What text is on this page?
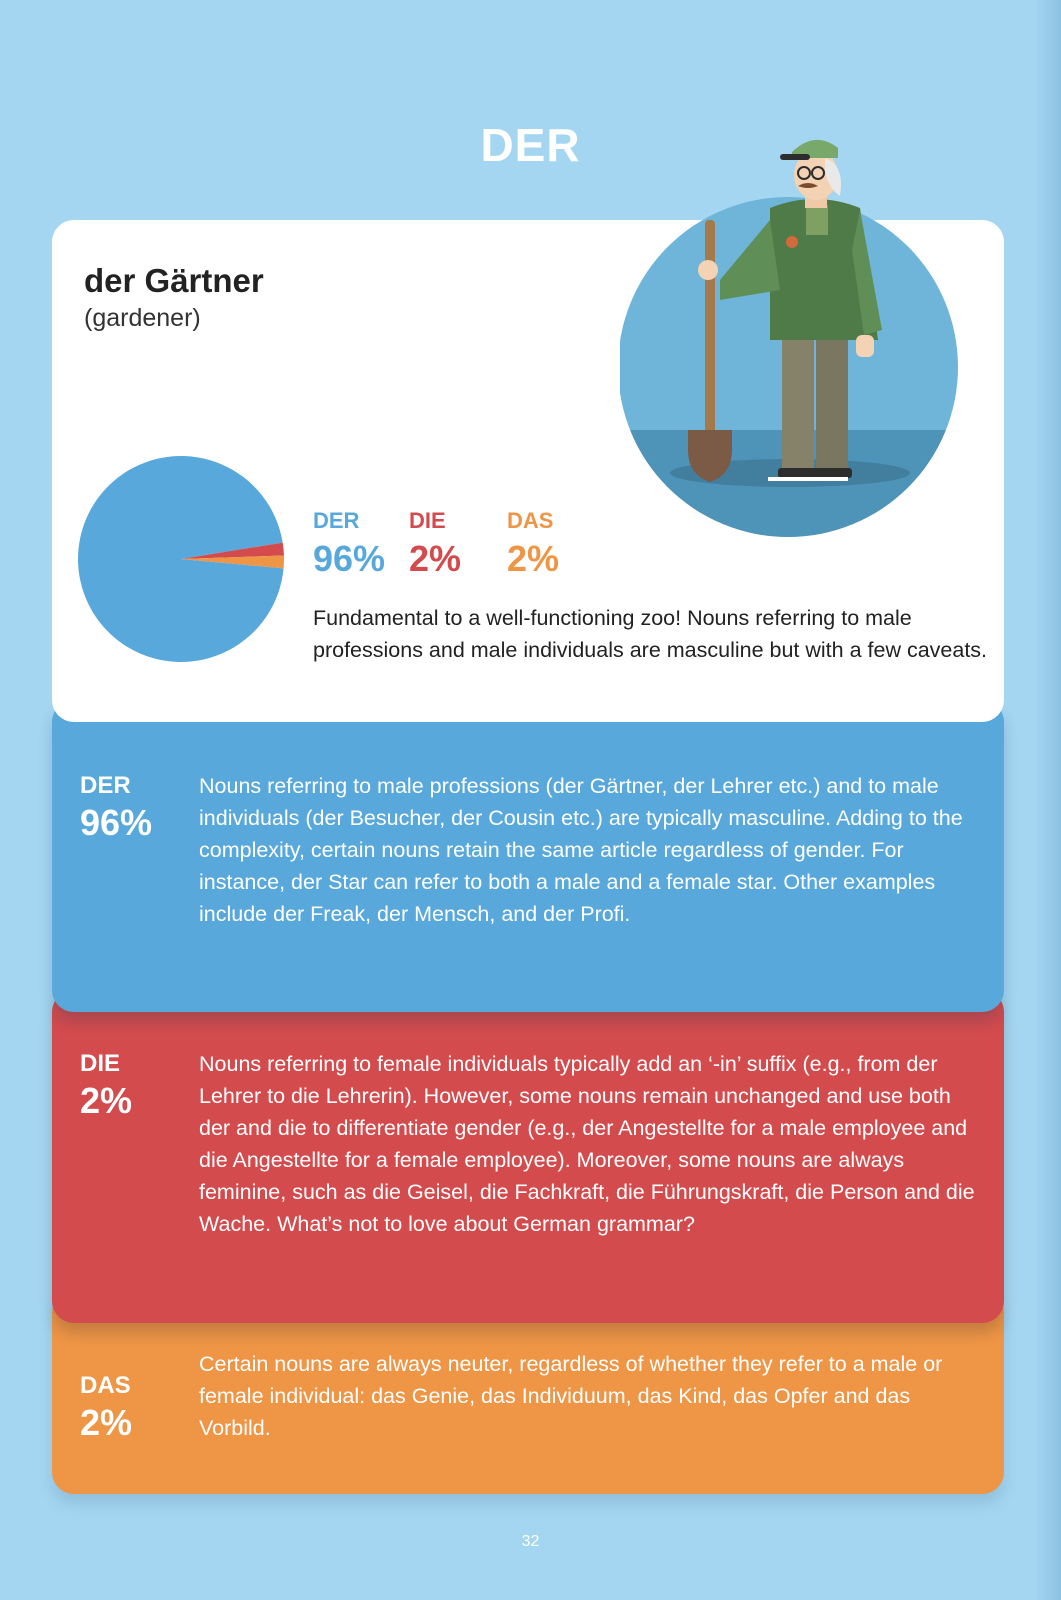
DER
DAS
2%
Certain nouns are always neuter, regardless of whether they refer to a male or female individual: das Genie, das Individuum, das Kind, das Opfer and das Vorbild.
DIE
2%
Nouns referring to female individuals typically add an ‘-in’ suffix (e.g., from der Lehrer to die Lehrerin). However, some nouns remain unchanged and use both der and die to differentiate gender (e.g., der Angestellte for a male employee and die Angestellte for a female employee). Moreover, some nouns are always feminine, such as die Geisel, die Fachkraft, die Führungskraft, die Person and die Wache. What’s not to love about German grammar?
DER
96%
Nouns referring to male professions (der Gärtner, der Lehrer etc.) and to male individuals (der Besucher, der Cousin etc.) are typically masculine. Adding to the complexity, certain nouns retain the same article regardless of gender. For instance, der Star can refer to both a male and a female star. Other examples include der Freak, der Mensch, and der Profi.
der Gärtner
(gardener)
DER
96%
DIE
2%
DAS
2%
Fundamental to a well-functioning zoo! Nouns referring to male professions and male individuals are masculine but with a few caveats.
32
